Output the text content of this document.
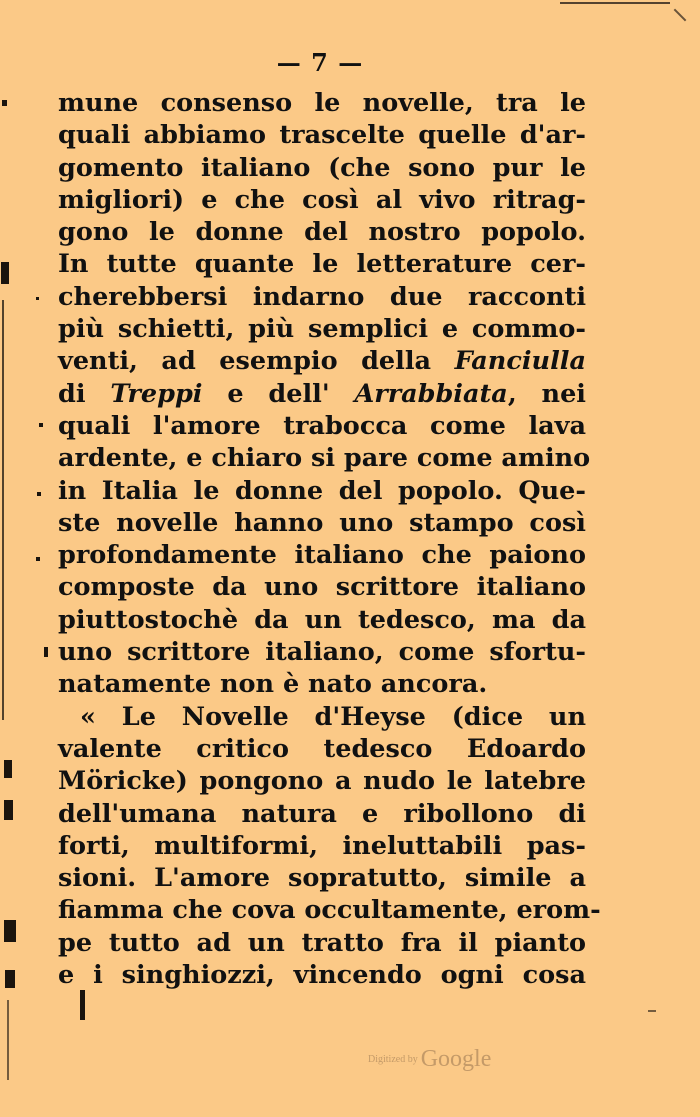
— 7 —
mune consenso le novelle, tra le
quali abbiamo trascelte quelle d'ar-
gomento italiano (che sono pur le
migliori) e che così al vivo ritrag-
gono le donne del nostro popolo.
In tutte quante le letterature cer-
cherebbersi indarno due racconti
più schietti, più semplici e commo-
venti, ad esempio della Fanciulla
di Treppi e dell' Arrabbiata, nei
quali l'amore trabocca come lava
ardente, e chiaro si pare come amino
in Italia le donne del popolo. Que-
ste novelle hanno uno stampo così
profondamente italiano che paiono
composte da uno scrittore italiano
piuttostochè da un tedesco, ma da
uno scrittore italiano, come sfortu-
natamente non è nato ancora.
« Le Novelle d'Heyse (dice un
valente critico tedesco Edoardo
Möricke) pongono a nudo le latebre
dell'umana natura e ribollono di
forti, multiformi, ineluttabili pas-
sioni. L'amore sopratutto, simile a
fiamma che cova occultamente, erom-
pe tutto ad un tratto fra il pianto
e i singhiozzi, vincendo ogni cosa
Digitized by Google
